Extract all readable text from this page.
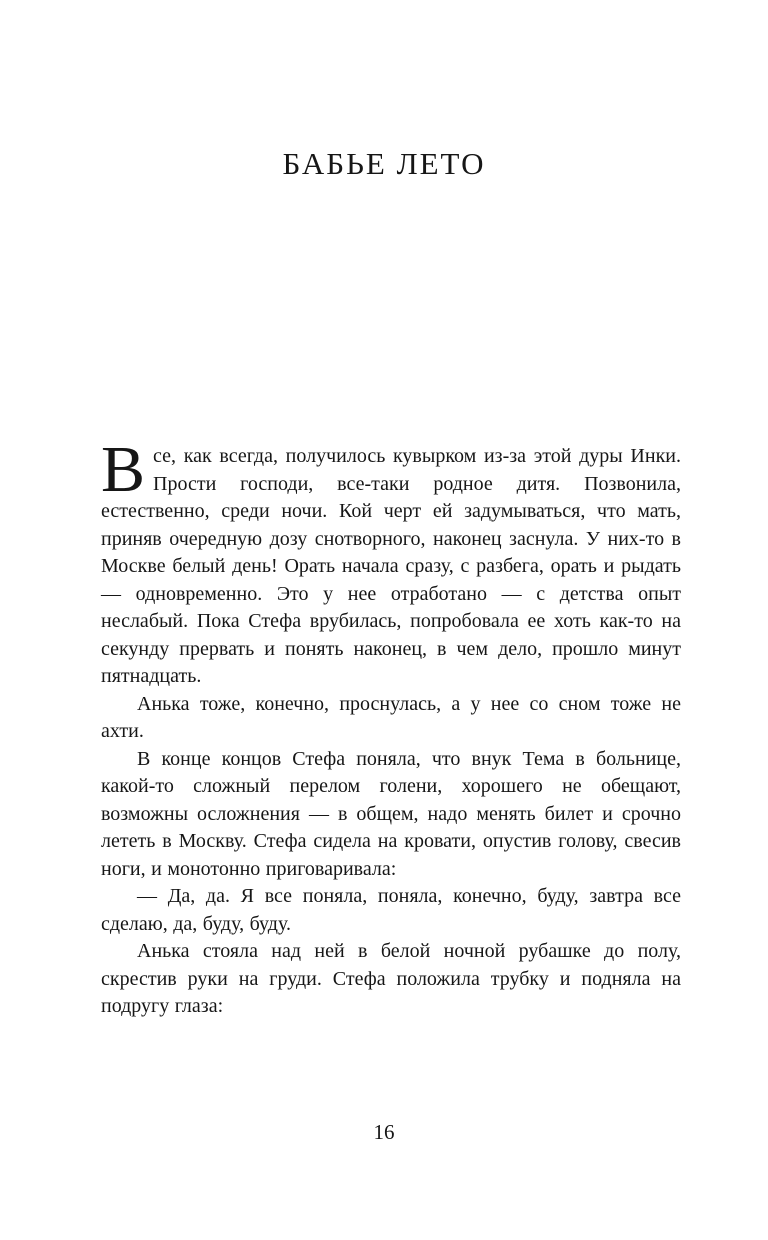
БАБЬЕ ЛЕТО

Все, как всегда, получилось кувырком из-за этой дуры Инки. Прости господи, все-таки родное дитя. Позвонила, естественно, среди ночи. Кой черт ей задумываться, что мать, приняв очередную дозу снотворного, наконец заснула. У них-то в Москве белый день! Орать начала сразу, с разбега, орать и рыдать — одновременно. Это у нее отработано — с детства опыт неслабый. Пока Стефа врубилась, попробовала ее хоть как-то на секунду прервать и понять наконец, в чем дело, прошло минут пятнадцать.

Анька тоже, конечно, проснулась, а у нее со сном тоже не ахти.

В конце концов Стефа поняла, что внук Тема в больнице, какой-то сложный перелом голени, хорошего не обещают, возможны осложнения — в общем, надо менять билет и срочно лететь в Москву. Стефа сидела на кровати, опустив голову, свесив ноги, и монотонно приговаривала:

— Да, да. Я все поняла, поняла, конечно, буду, завтра все сделаю, да, буду, буду.

Анька стояла над ней в белой ночной рубашке до полу, скрестив руки на груди. Стефа положила трубку и подняла на подругу глаза:

16
